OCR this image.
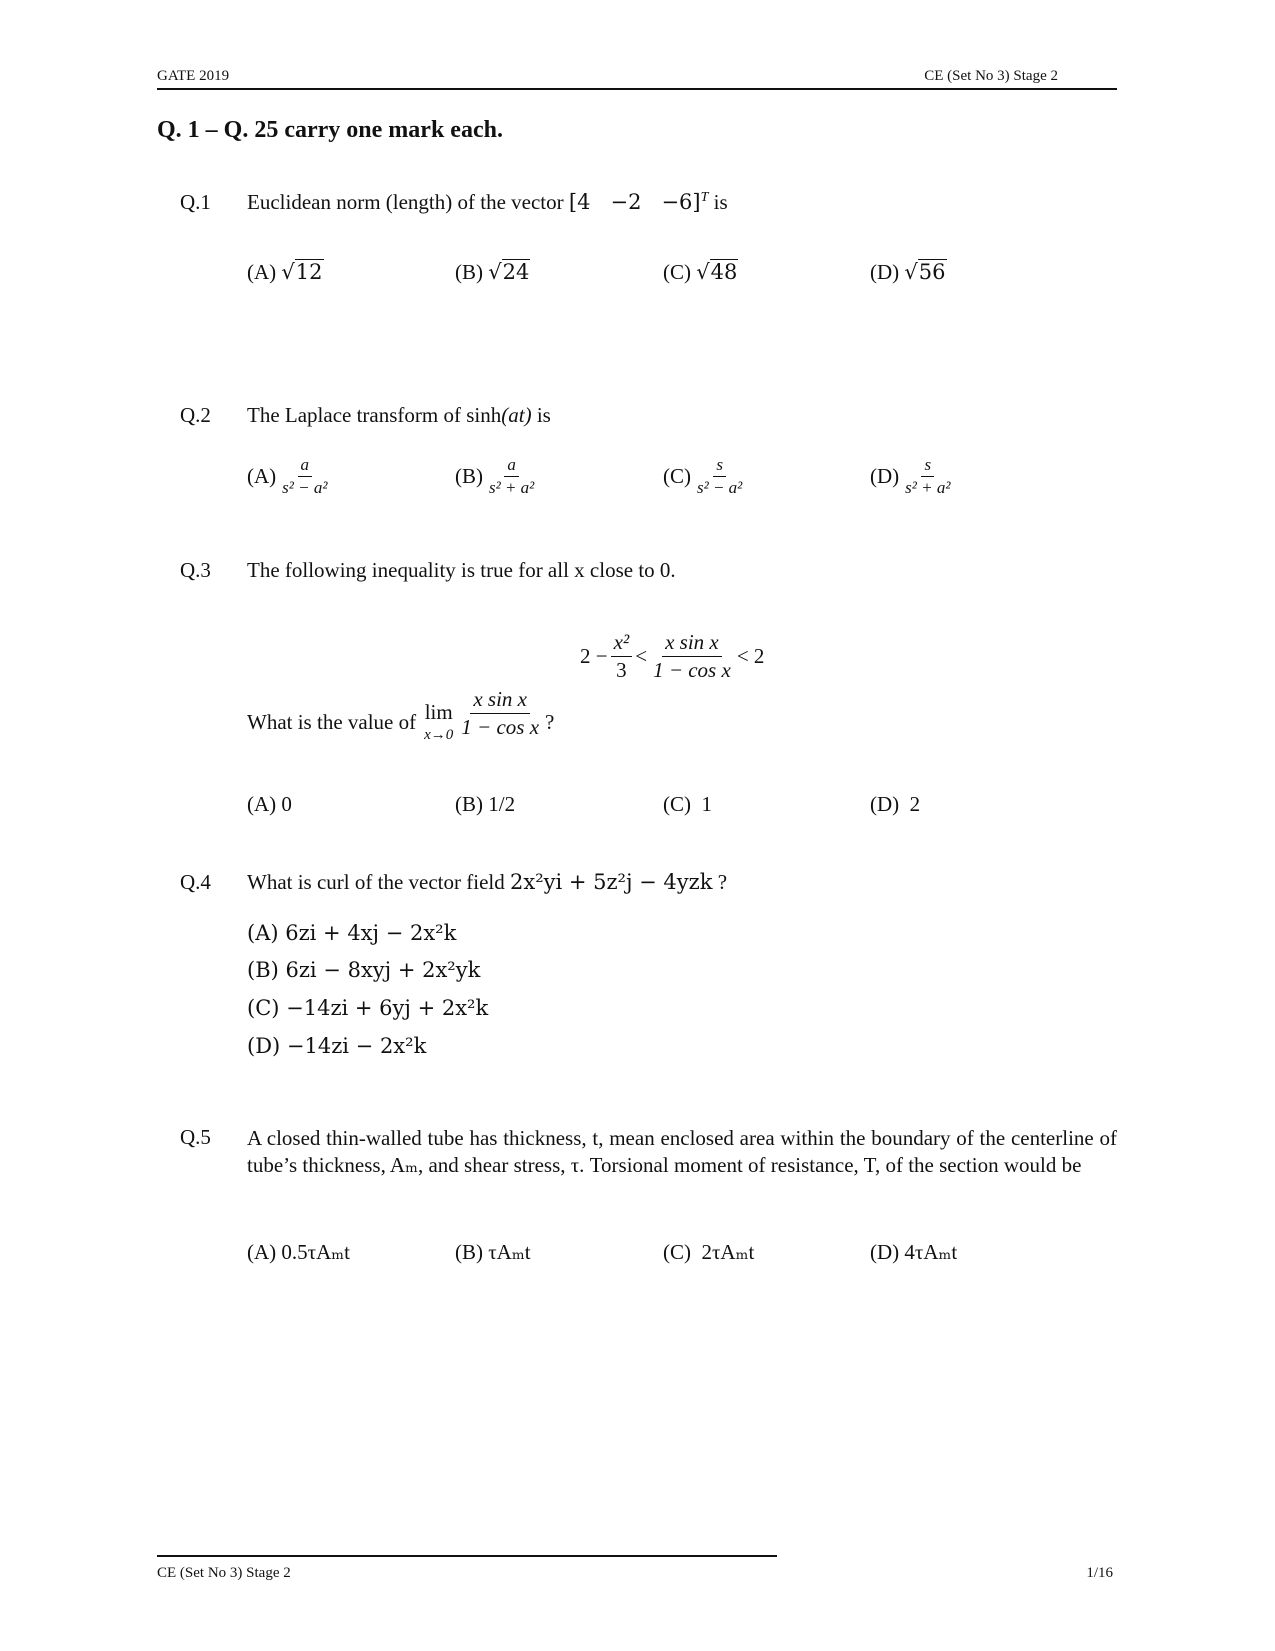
GATE 2019	CE (Set No 3) Stage 2
Q. 1 – Q. 25 carry one mark each.
Q.1 Euclidean norm (length) of the vector $[4 -2 -6]^T$ is
(A) √12	(B) √24	(C) √48	(D) √56
Q.2 The Laplace transform of sinh(at) is
$(A) \frac{a}{\text{s² − a²}}$	$(B) \frac{a}{\text{s² + a²}}$	$(C) \frac{s}{\text{s² − a²}}$	$(D) \frac{s}{\text{s² + a²}}$
Q.3 The following inequality is true for all x close to 0.
$2 - \frac{\text{x²}}{3} < \frac{\text{x sin x}}{\text{1 − cos x}} < 2$
What is the value of lim
$x\to 0 \frac{\text{x sin x}}{\text{1 − cos x}}$ ?
(A) 0	(B) 1/2	(C)  1	(D)  2
Q.4 What is curl of the vector field 2x²yi + 5z²j − 4yzk ?
(A) 6zi + 4xj − 2x²k
(B) 6zi − 8xyj + 2x²yk
(C) −14zi + 6yj + 2x²k
(D) −14zi − 2x²k
Q.5 A closed thin-walled tube has thickness, t, mean enclosed area within the boundary of the centerline of tube’s thickness, Aₘ, and shear stress, τ. Torsional moment of resistance, T, of the section would be
(A) 0.5τAₘt	(B) τAₘt	(C)  2τAₘt	(D) 4τAₘt
CE (Set No 3) Stage 2	1/16
